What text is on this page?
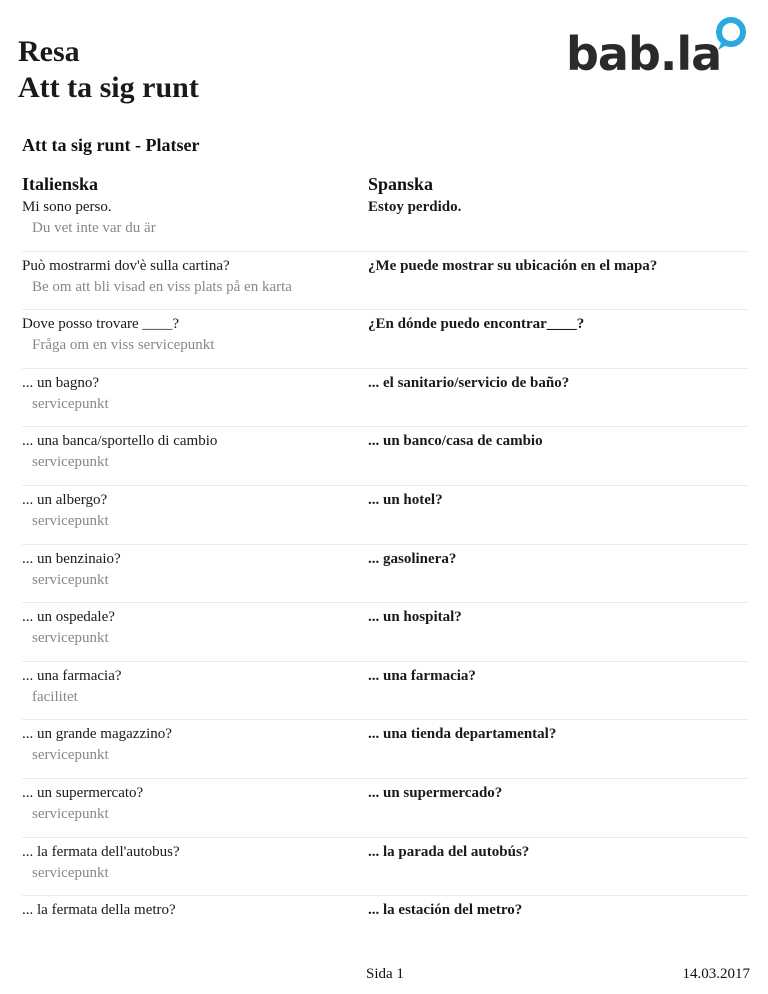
Resa
Att ta sig runt
bab.la
Att ta sig runt - Platser
Italienska	Spanska
Mi sono perso.	Estoy perdido.
Du vet inte var du är
Può mostrarmi dov'è sulla cartina?	¿Me puede mostrar su ubicación en el mapa?
Be om att bli visad en viss plats på en karta
Dove posso trovare ____?	¿En dónde puedo encontrar____?
Fråga om en viss servicepunkt
... un bagno?	... el sanitario/servicio de baño?
servicepunkt
... una banca/sportello di cambio	... un banco/casa de cambio
servicepunkt
... un albergo?	... un hotel?
servicepunkt
... un benzinaio?	... gasolinera?
servicepunkt
... un ospedale?	... un hospital?
servicepunkt
... una farmacia?	... una farmacia?
facilitet
... un grande magazzino?	... una tienda departamental?
servicepunkt
... un supermercato?	... un supermercado?
servicepunkt
... la fermata dell'autobus?	... la parada del autobús?
servicepunkt
... la fermata della metro?	... la estación del metro?
Sida 1	14.03.2017
